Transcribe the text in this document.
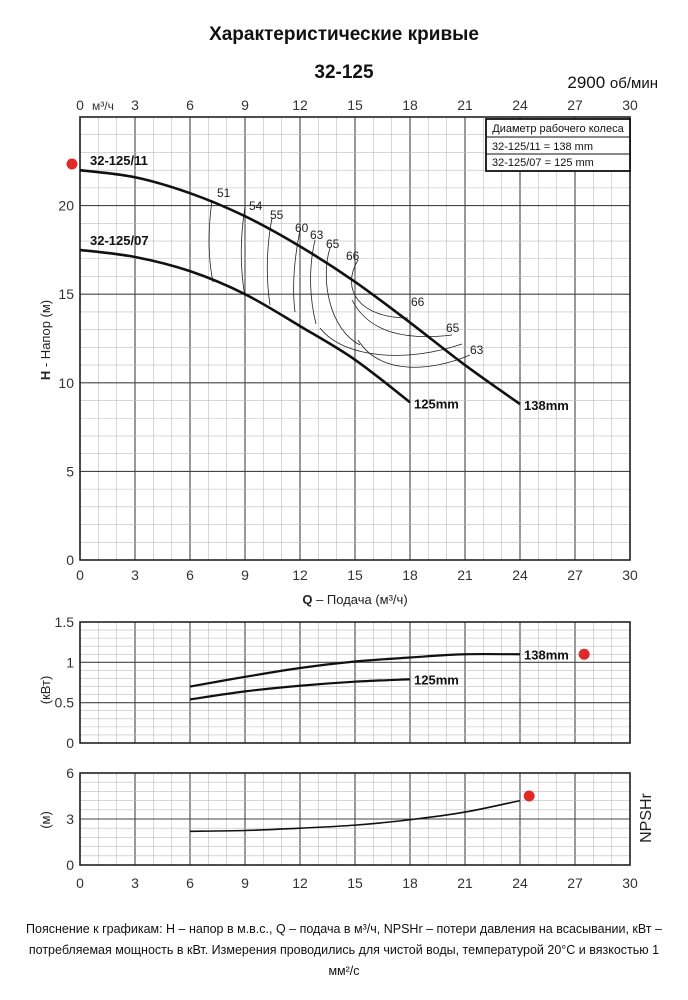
Характеристические кривые
32-125	2900 об/мин
0
5
10
15
20
3	6	9	12	15	18	21	24	27	30
0 м³/ч
0	3	6	9	12	15	18	21	24	27	30
Q – Подача (м³/ч)
H - Напор (м)
51
54
55
60 63
65
66
66
65
63
138mm
32-125/11
125mm
32-125/07
Диаметр рабочего колеса
32-125/11 = 138 mm
32-125/07 = 125 mm
0
0.5
1
1.5
138mm
125mm
(кВт)
0
3
6
0	3	6	9	12	15	18	21	24	27	30
(м)	NPSHr

Пояснение к графикам: H – напор в м.в.с., Q – подача в м³/ч, NPSHr – потери давления на всасывании, кВт – потребляемая мощность в кВт. Измерения проводились для чистой воды, температурой 20°С и вязкостью 1 мм²/с
